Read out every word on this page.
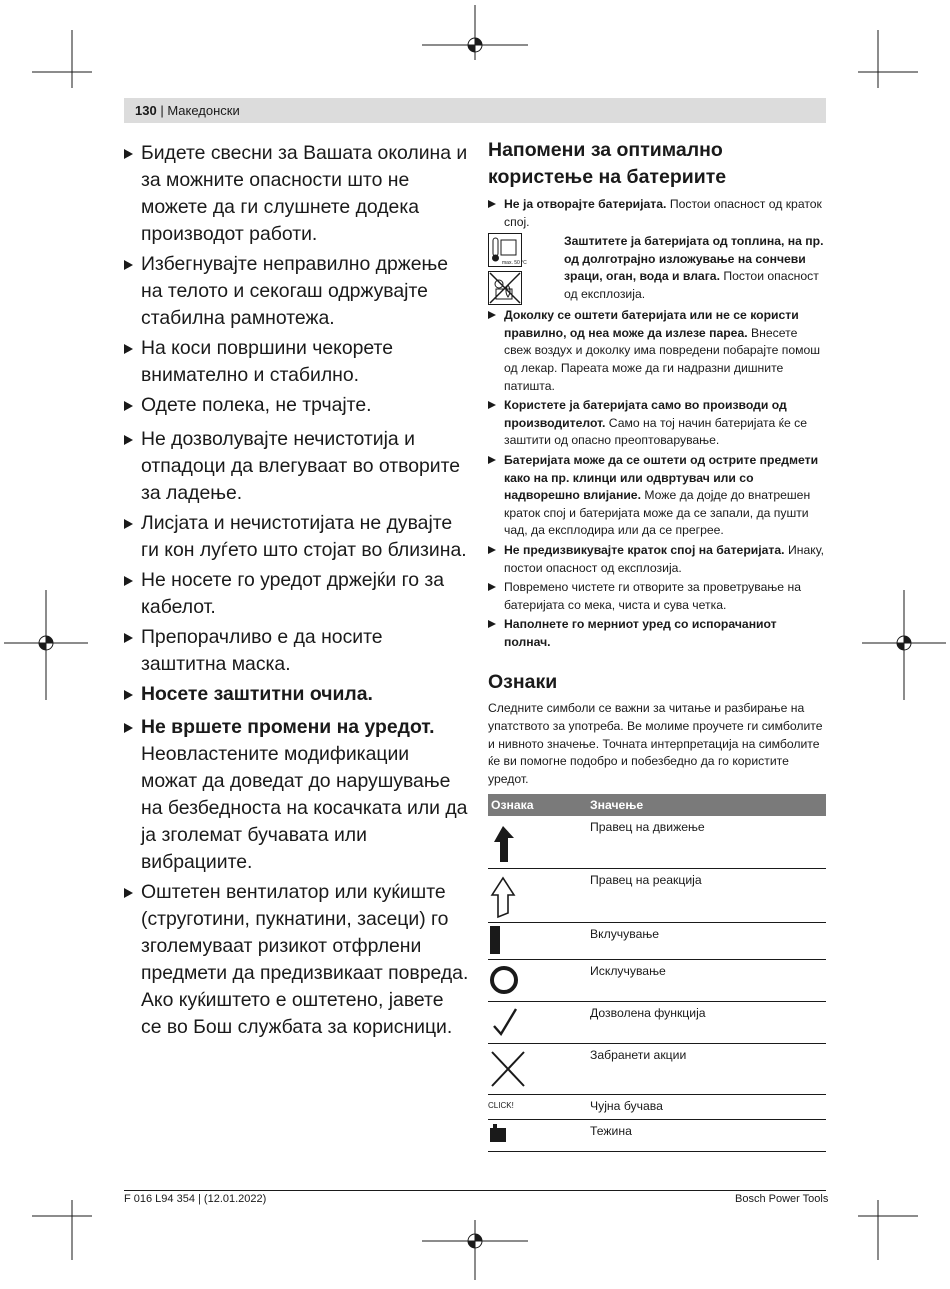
130 | Македонски

Бидете свесни за Вашата околина и за можните опасности што не можете да ги слушнете додека производот работи.

Избегнувајте неправилно држење на телото и секогаш одржувајте стабилна рамнотежа.

На коси површини чекорете внимателно и стабилно.

Одете полека, не трчајте.

Не дозволувајте нечистотија и отпадоци да влегуваат во отворите за ладење.

Лисјата и нечистотијата не дувајте ги кон луѓето што стојат во близина.

Не носете го уредот држејќи го за кабелот.

Препорачливо е да носите заштитна маска.

Носете заштитни очила.

Не вршете промени на уредот.
Неовластените модификации можат да доведат до нарушување на безбедноста на косачката или да ја зголемат бучавата или вибрациите.

Оштетен вентилатор или куќиште (струготини, пукнатини, засеци) го зголемуваат ризикот отфрлени предмети да предизвикаат повреда. Ако куќиштето е оштетено, јавете се во Бош службата за корисници.

Напомени за оптимално користење на батериите

Не ја отворајте батеријата. Постои опасност од краток спој.

max. 50 °C
Заштитете ја батеријата од топлина, на пр. од долготрајно изложување на сончеви зраци, оган, вода и влага. Постои опасност од експлозија.

Доколку се оштети батеријата или не се користи правилно, од неа може да излезе пареа. Внесете свеж воздух и доколку има повредени побарајте помош од лекар. Пареата може да ги надразни дишните патишта.

Користете ја батеријата само во производи од производителот. Само на тој начин батеријата ќе се заштити од опасно преоптоварување.

Батеријата може да се оштети од острите предмети како на пр. клинци или одвртувач или со надворешно влијание. Може да дојде до внатрешен краток спој и батеријата може да се запали, да пушти чад, да експлодира или да се прегрее.

Не предизвикувајте краток спој на батеријата. Инаку, постои опасност од експлозија.

Повремено чистете ги отворите за проветрување на батеријата со мека, чиста и сува четка.

Наполнете го мерниот уред со испорачаниот полнач.

Ознаки

Следните симболи се важни за читање и разбирање на упатството за употреба. Ве молиме проучете ги симболите и нивното значење. Точната интерпретација на симболите ќе ви помогне подобро и побезбедно да го користите уредот.

Ознака	Значење
	Правец на движење
	Правец на реакција
	Вклучување
	Исклучување
	Дозволена функција
	Забранети акции
CLICK!	Чујна бучава
	Тежина
F 016 L94 354 | (12.01.2022)	Bosch Power Tools
